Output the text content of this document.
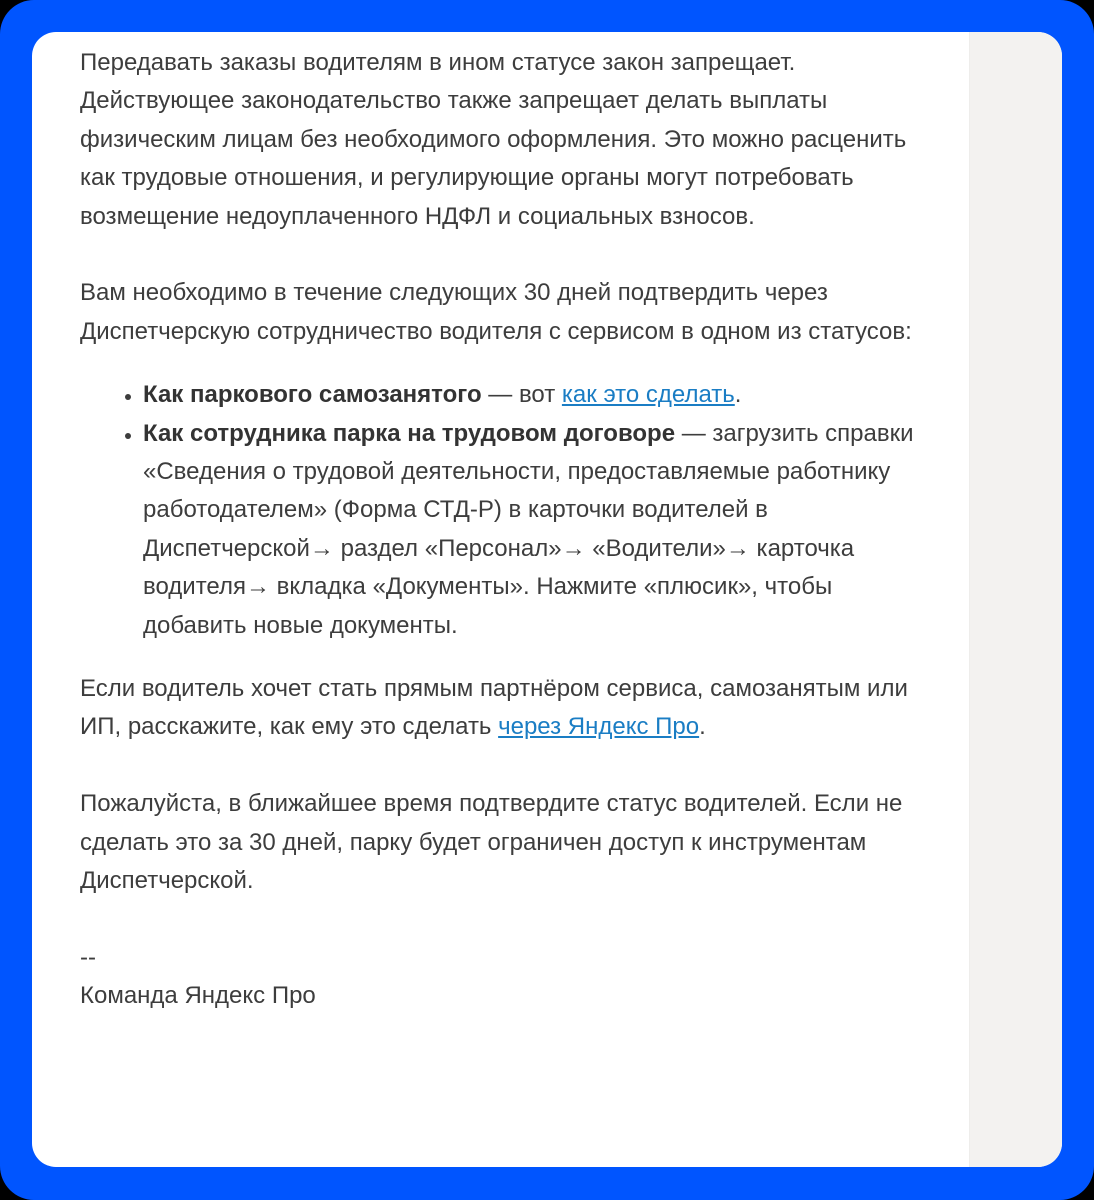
Передавать заказы водителям в ином статусе закон запрещает. Действующее законодательство также запрещает делать выплаты физическим лицам без необходимого оформления. Это можно расценить как трудовые отношения, и регулирующие органы могут потребовать возмещение недоуплаченного НДФЛ и социальных взносов.

Вам необходимо в течение следующих 30 дней подтвердить через Диспетчерскую сотрудничество водителя с сервисом в одном из статусов:

• Как паркового самозанятого — вот как это сделать.
• Как сотрудника парка на трудовом договоре — загрузить справки «Сведения о трудовой деятельности, предоставляемые работнику работодателем» (Форма СТД-Р) в карточки водителей в Диспетчерской→ раздел «Персонал»→ «Водители»→ карточка водителя→ вкладка «Документы». Нажмите «плюсик», чтобы добавить новые документы.

Если водитель хочет стать прямым партнёром сервиса, самозанятым или ИП, расскажите, как ему это сделать через Яндекс Про.

Пожалуйста, в ближайшее время подтвердите статус водителей. Если не сделать это за 30 дней, парку будет ограничен доступ к инструментам Диспетчерской.

--

Команда Яндекс Про
